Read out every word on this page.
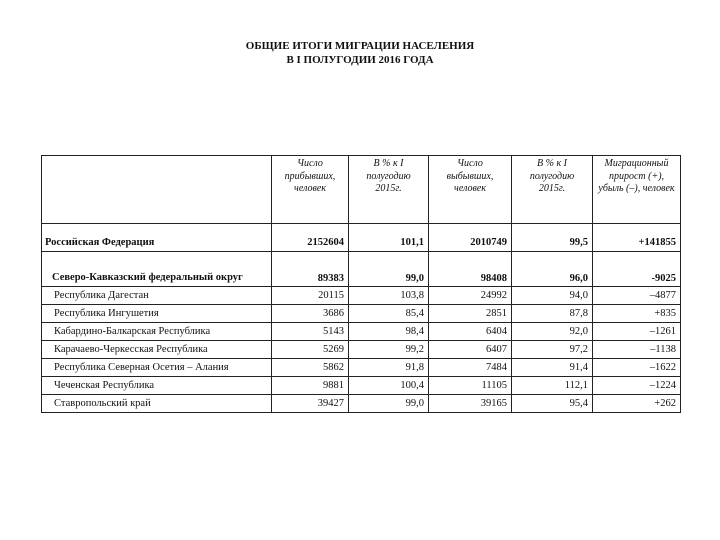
ОБЩИЕ ИТОГИ МИГРАЦИИ НАСЕЛЕНИЯ
В I ПОЛУГОДИИ 2016 ГОДА
	Число прибывших, человек	В % к I полугодию 2015г.	Число выбывших, человек	В % к I полугодию 2015г.	Миграционный прирост (+), убыль (–), человек
Российская Федерация	2152604	101,1	2010749	99,5	+141855
Северо-Кавказский федеральный округ	89383	99,0	98408	96,0	-9025
Республика Дагестан	20115	103,8	24992	94,0	–4877
Республика Ингушетия	3686	85,4	2851	87,8	+835
Кабардино-Балкарская Республика	5143	98,4	6404	92,0	–1261
Карачаево-Черкесская Республика	5269	99,2	6407	97,2	–1138
Республика Северная Осетия – Алания	5862	91,8	7484	91,4	–1622
Чеченская Республика	9881	100,4	11105	112,1	–1224
Ставропольский край	39427	99,0	39165	95,4	+262
